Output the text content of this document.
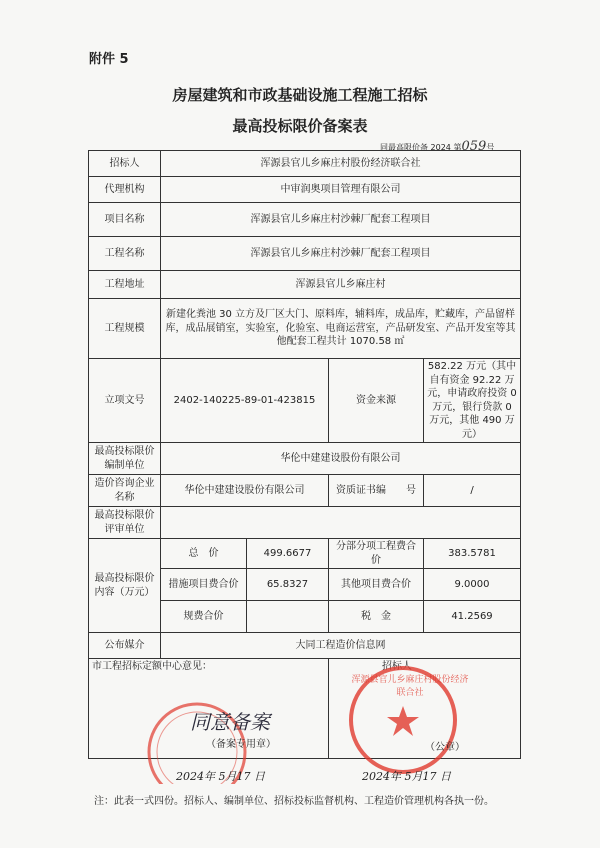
附件 5
房屋建筑和市政基础设施工程施工招标
最高投标限价备案表
同最高限价备 2024 第059号
招标人	浑源县官儿乡麻庄村股份经济联合社			
代理机构	中审润奥项目管理有限公司			
项目名称	浑源县官儿乡麻庄村沙棘厂配套工程项目			
工程名称	浑源县官儿乡麻庄村沙棘厂配套工程项目			
工程地址	浑源县官儿乡麻庄村			
工程规模	新建化粪池 30 立方及厂区大门、原料库，辅料库，成品库，贮藏库，产品留样库，成品展销室，实验室，化验室、电商运营室，产品研发室、产品开发室等其他配套工程共计 1070.58 ㎡			
立项文号	2402-140225-89-01-423815		资金来源	582.22 万元（其中自有资金 92.22 万元，申请政府投资 0 万元，银行贷款 0 万元，其他 490 万元）
最高投标限价编制单位	华伦中建建设股份有限公司			
造价咨询企业名称	华伦中建建设股份有限公司		资质证书编　　号	/
最高投标限价评审单位				
最高投标限价内容（万元）	总　价	499.6677	分部分项工程费合价	383.5781
	措施项目费合价	65.8327	其他项目费合价	9.0000
	规费合价		税　金	41.2569
公布媒介	大同工程造价信息网			

市工程招标定额中心意见：			招标人	
同意备案
（备案专用章）
2024年 5月17 日
浑源县官儿乡麻庄村股份经济联合社
（公章）
2024年 5月17 日
注：此表一式四份。招标人、编制单位、招标投标监督机构、工程造价管理机构各执一份。
